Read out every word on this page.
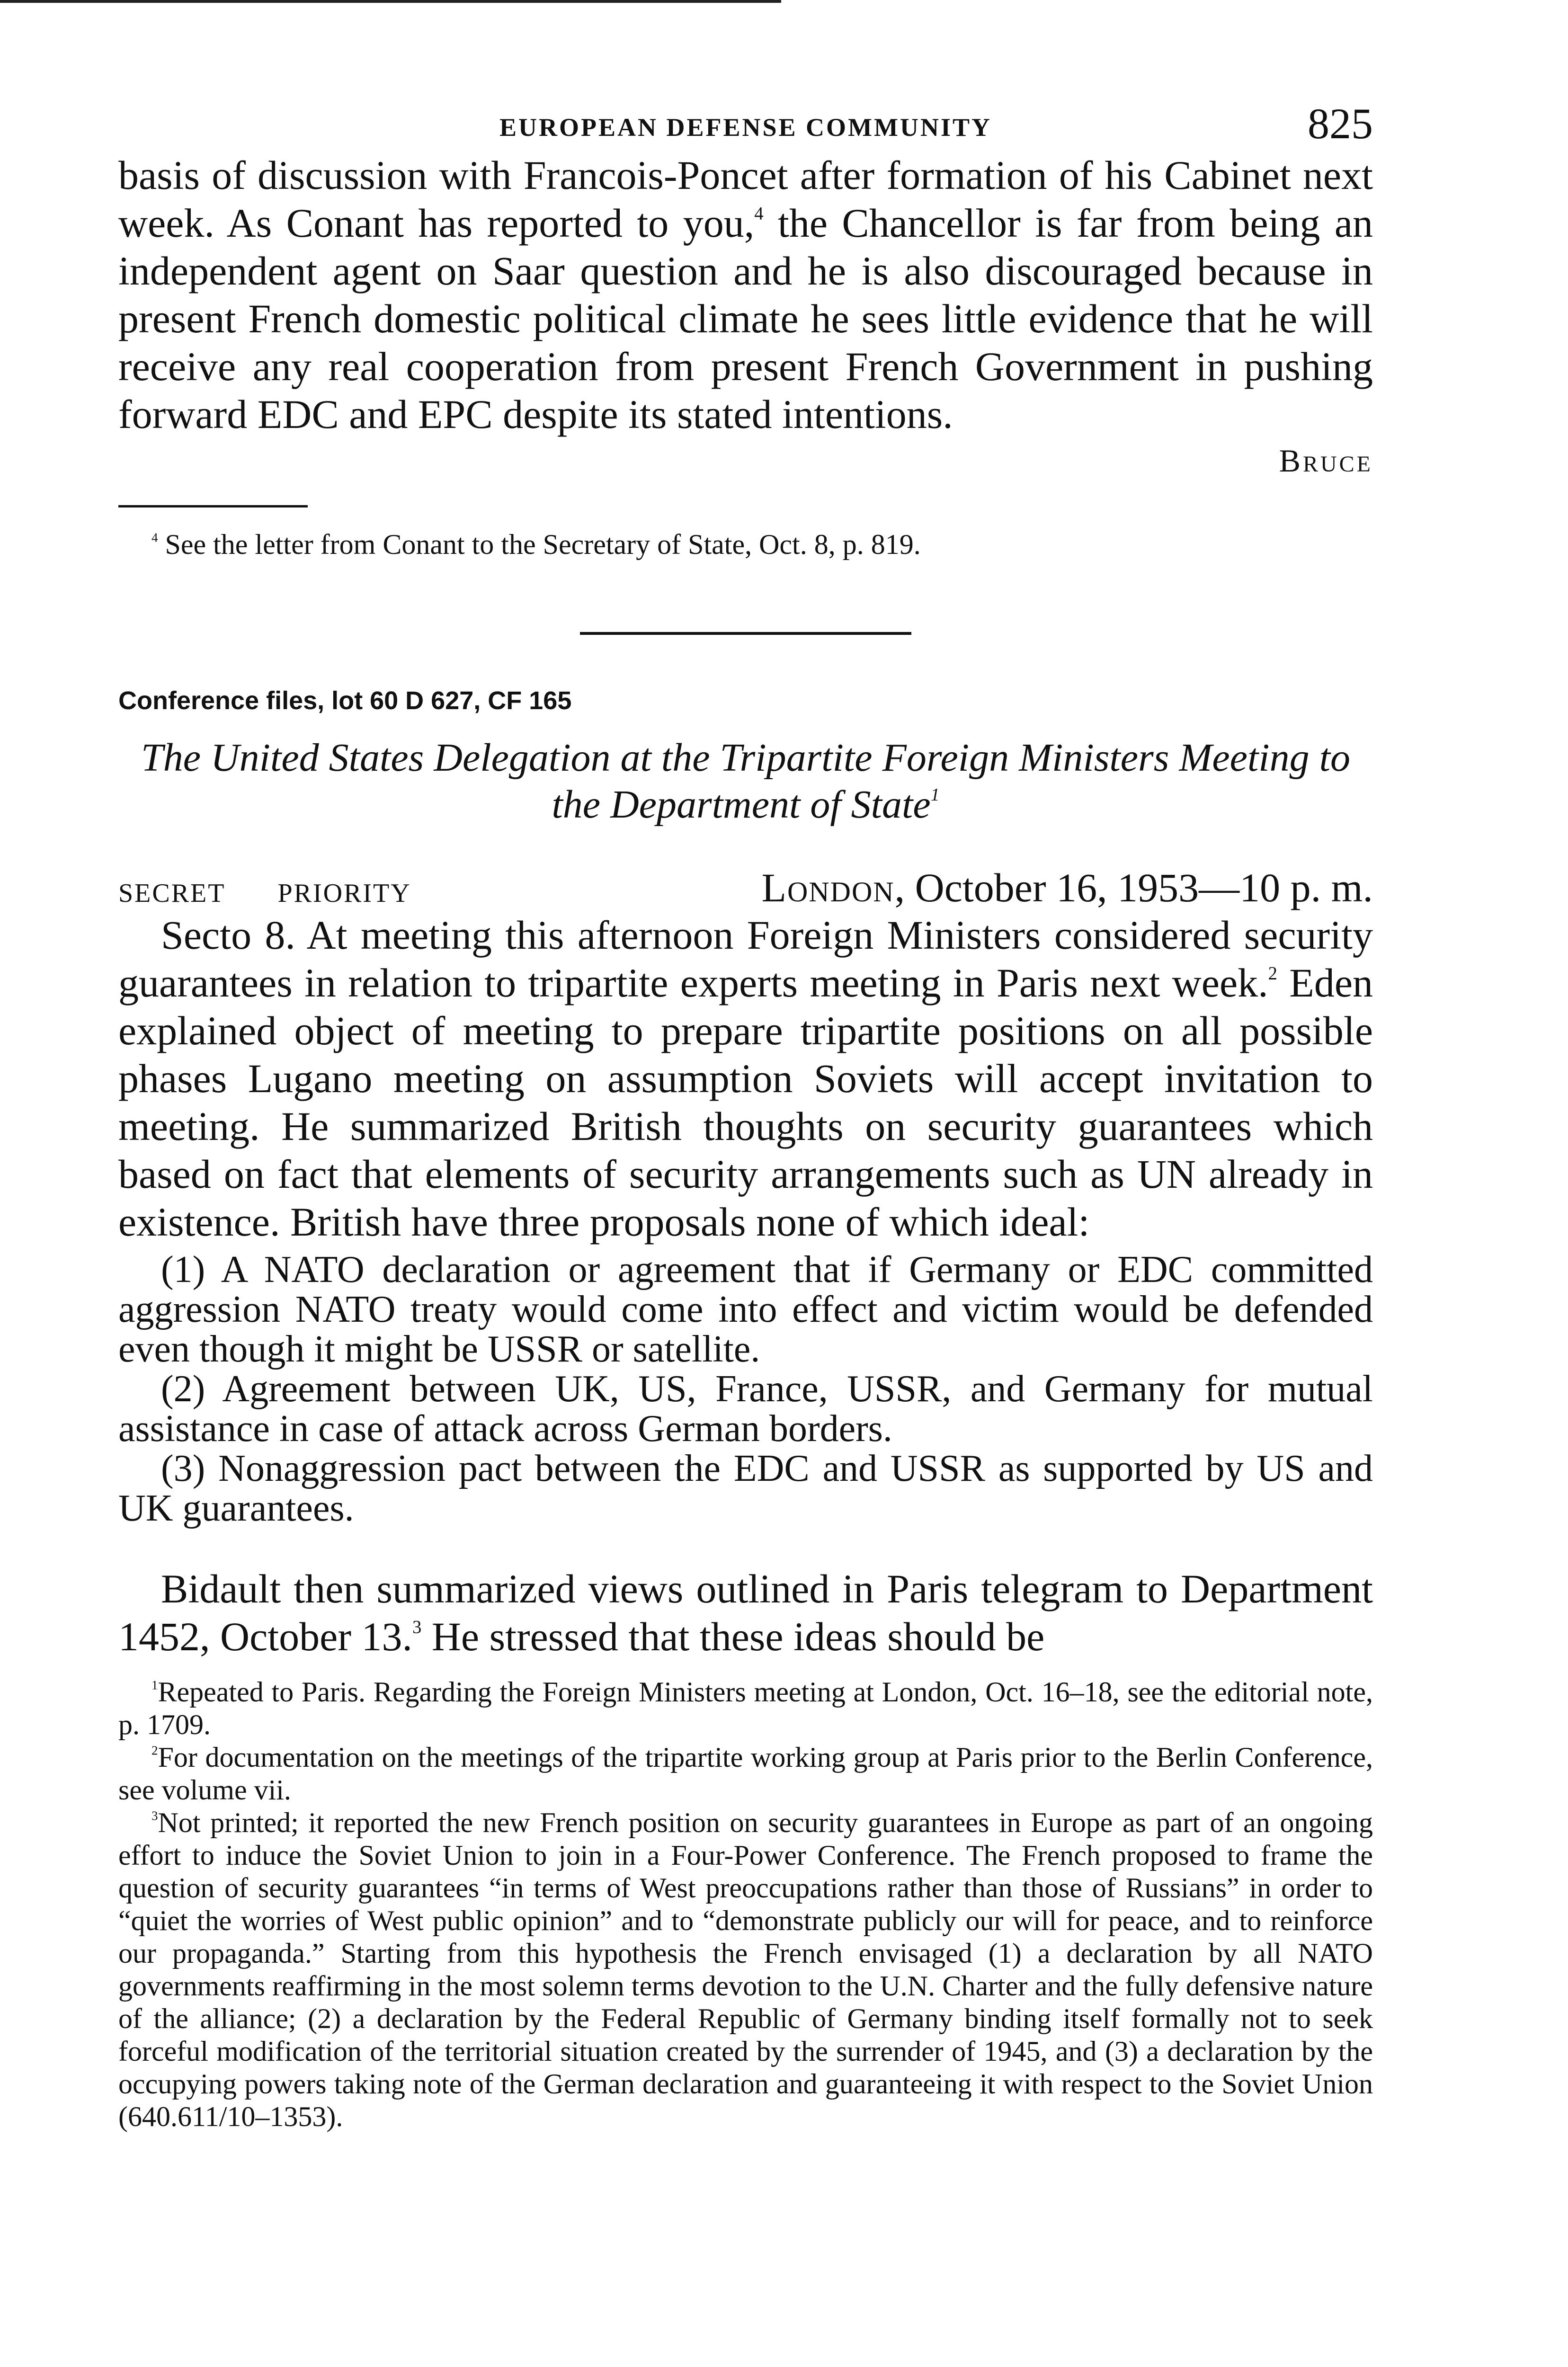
EUROPEAN DEFENSE COMMUNITY	825

basis of discussion with Francois-Poncet after formation of his Cabinet next week. As Conant has reported to you,$^4$ the Chancellor is far from being an independent agent on Saar question and he is also discouraged because in present French domestic political climate he sees little evidence that he will receive any real cooperation from present French Government in pushing forward EDC and EPC despite its stated intentions.

Bruce

$^4$ See the letter from Conant to the Secretary of State, Oct. 8, p. 819.

Conference files, lot 60 D 627, CF 165
The United States Delegation at the Tripartite Foreign Ministers Meeting to the Department of State$^1$
SECRET PRIORITY	London, October 16, 1953—10 p. m.

Secto 8. At meeting this afternoon Foreign Ministers considered security guarantees in relation to tripartite experts meeting in Paris next week.$^2$ Eden explained object of meeting to prepare tripartite positions on all possible phases Lugano meeting on assumption Soviets will accept invitation to meeting. He summarized British thoughts on security guarantees which based on fact that elements of security arrangements such as UN already in existence. British have three proposals none of which ideal:

(1) A NATO declaration or agreement that if Germany or EDC committed aggression NATO treaty would come into effect and victim would be defended even though it might be USSR or satellite.

(2) Agreement between UK, US, France, USSR, and Germany for mutual assistance in case of attack across German borders.

(3) Nonaggression pact between the EDC and USSR as supported by US and UK guarantees.

Bidault then summarized views outlined in Paris telegram to Department 1452, October 13.$^3$ He stressed that these ideas should be

$^1$Repeated to Paris. Regarding the Foreign Ministers meeting at London, Oct. 16–18, see the editorial note, p. 1709.

$^2$For documentation on the meetings of the tripartite working group at Paris prior to the Berlin Conference, see volume vii.

$^3$Not printed; it reported the new French position on security guarantees in Europe as part of an ongoing effort to induce the Soviet Union to join in a Four-Power Conference. The French proposed to frame the question of security guarantees “in terms of West preoccupations rather than those of Russians” in order to “quiet the worries of West public opinion” and to “demonstrate publicly our will for peace, and to reinforce our propaganda.” Starting from this hypothesis the French envisaged (1) a declaration by all NATO governments reaffirming in the most solemn terms devotion to the U.N. Charter and the fully defensive nature of the alliance; (2) a declaration by the Federal Republic of Germany binding itself formally not to seek forceful modification of the territorial situation created by the surrender of 1945, and (3) a declaration by the occupying powers taking note of the German declaration and guaranteeing it with respect to the Soviet Union (640.611/10–1353).
